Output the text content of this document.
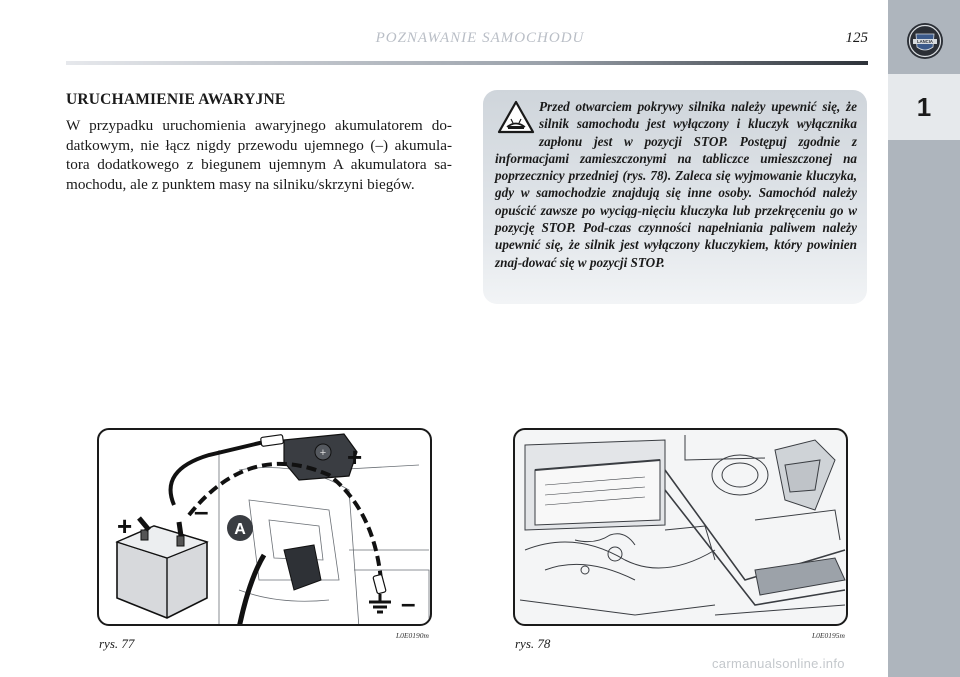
POZNAWANIE SAMOCHODU	125	LANCIA
1
URUCHAMIENIE AWARYJNE
W przypadku uruchomienia awaryjnego akumulatorem do-datkowym, nie łącz nigdy przewodu ujemnego (–) akumula-tora dodatkowego z biegunem ujemnym A akumulatora sa-mochodu, ale z punktem masy na silniku/skrzyni biegów.

Przed otwarciem pokrywy silnika należy upewnić się, że silnik samochodu jest wyłączony i kluczyk wyłącznika zapłonu jest w pozycji STOP. Postępuj zgodnie z informacjami zamieszczonymi na tabliczce umieszczonej na poprzecznicy przedniej (rys. 78). Zaleca się wyjmowanie kluczyka, gdy w samochodzie znajdują się inne osoby. Samochód należy opuścić zawsze po wyciąg-nięciu kluczyka lub przekręceniu go w pozycję STOP. Pod-czas czynności napełniania paliwem należy upewnić się, że silnik jest wyłączony kluczykiem, który powinien znaj-dować się w pozycji STOP.

+
+ –
+
–
A
rys. 77
L0E0190m
rys. 78
L0E0195m
carmanualsonline.info
